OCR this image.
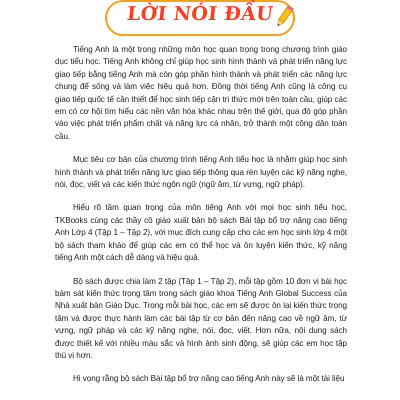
LỜI NÓI ĐẦU

Tiếng Anh là một trong những môn học quan trọng trong chương trình giáo dục tiểu học. Tiếng Anh không chỉ giúp học sinh hình thành và phát triển năng lực giao tiếp bằng tiếng Anh mà còn góp phần hình thành và phát triển các năng lực chung để sống và làm việc hiệu quả hơn. Đồng thời tiếng Anh cũng là công cụ giao tiếp quốc tế cần thiết để học sinh tiếp cận tri thức mới trên toàn cầu, giúp các em có cơ hội tìm hiểu các nền văn hóa khác nhau trên thế giới, qua đó góp phần vào việc phát triển phẩm chất và năng lực cá nhân, trở thành một công dân toàn cầu.

Mục tiêu cơ bản của chương trình tiếng Anh tiểu học là nhằm giúp học sinh hình thành và phát triển năng lực giao tiếp thông qua rèn luyện các kỹ năng nghe, nói, đọc, viết và các kiến thức ngôn ngữ (ngữ âm, từ vựng, ngữ pháp).

Hiểu rõ tầm quan trọng của môn tiếng Anh với mọi học sinh tiểu học, TKBooks cùng các thầy cô giáo xuất bản bộ sách Bài tập bổ trợ nâng cao tiếng Anh Lớp 4 (Tập 1 – Tập 2), với mục đích cung cấp cho các em học sinh lớp 4 một bộ sách tham khảo để giúp các em có thể học và ôn luyện kiến thức, kỹ năng tiếng Anh một cách dễ dàng và hiệu quả.

Bộ sách được chia làm 2 tập (Tập 1 – Tập 2), mỗi tập gồm 10 đơn vị bài học bám sát kiến thức trọng tâm trong sách giáo khoa Tiếng Anh Global Success của Nhà xuất bản Giáo Dục. Trong mỗi bài học, các em sẽ được ôn lại kiến thức trọng tâm và được thực hành làm các bài tập từ cơ bản đến nâng cao về ngữ âm, từ vựng, ngữ pháp và các kỹ năng nghe, nói, đọc, viết. Hơn nữa, nội dung sách được thiết kế với nhiều màu sắc và hình ảnh sinh động, sẽ giúp các em học tập thú vị hơn.

Hi vọng rằng bộ sách Bài tập bổ trợ nâng cao tiếng Anh này sẽ là một tài liệu
